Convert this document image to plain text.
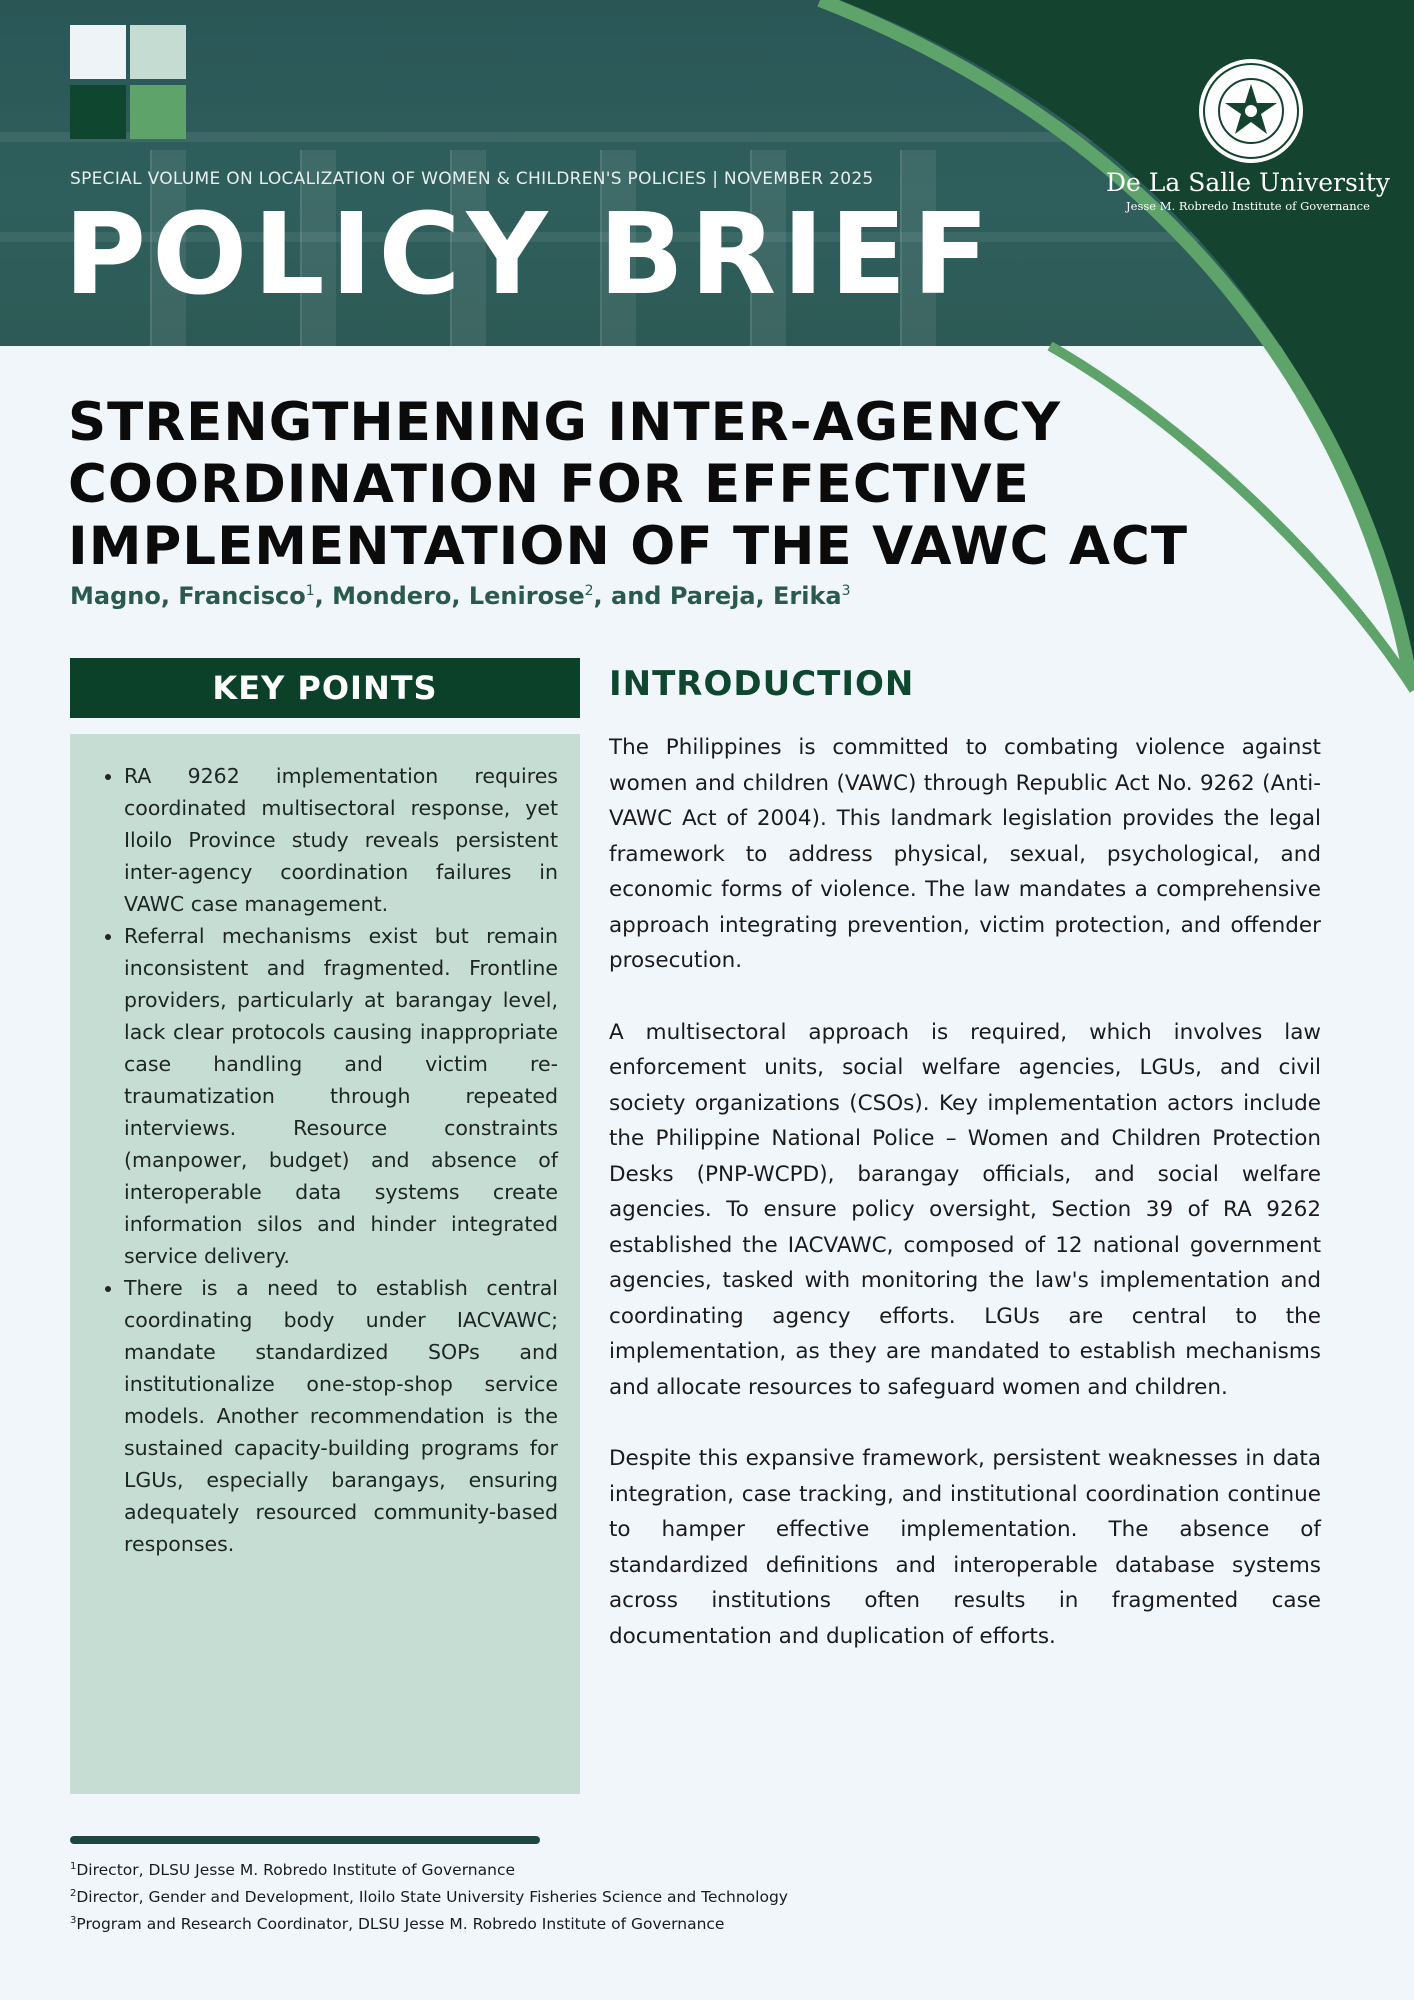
SPECIAL VOLUME ON LOCALIZATION OF WOMEN & CHILDREN'S POLICIES | NOVEMBER 2025
POLICY BRIEF
De La Salle University
Jesse M. Robredo Institute of Governance
STRENGTHENING INTER-AGENCY
COORDINATION FOR EFFECTIVE
IMPLEMENTATION OF THE VAWC ACT
Magno, Francisco$^1$, Mondero, Lenirose$^2$, and Pareja, Erika$^3$
KEY POINTS
• RA 9262 implementation requires coordinated multisectoral response, yet Iloilo Province study reveals persistent inter-agency coordination failures in VAWC case management.
• Referral mechanisms exist but remain inconsistent and fragmented. Frontline providers, particularly at barangay level, lack clear protocols causing inappropriate case handling and victim re-traumatization through repeated interviews. Resource constraints (manpower, budget) and absence of interoperable data systems create information silos and hinder integrated service delivery.
• There is a need to establish central coordinating body under IACVAWC; mandate standardized SOPs and institutionalize one-stop-shop service models. Another recommendation is the sustained capacity-building programs for LGUs, especially barangays, ensuring adequately resourced community-based responses.
INTRODUCTION

The Philippines is committed to combating violence against women and children (VAWC) through Republic Act No. 9262 (Anti-VAWC Act of 2004). This landmark legislation provides the legal framework to address physical, sexual, psychological, and economic forms of violence. The law mandates a comprehensive approach integrating prevention, victim protection, and offender prosecution.

A multisectoral approach is required, which involves law enforcement units, social welfare agencies, LGUs, and civil society organizations (CSOs). Key implementation actors include the Philippine National Police – Women and Children Protection Desks (PNP-WCPD), barangay officials, and social welfare agencies. To ensure policy oversight, Section 39 of RA 9262 established the IACVAWC, composed of 12 national government agencies, tasked with monitoring the law's implementation and coordinating agency efforts. LGUs are central to the implementation, as they are mandated to establish mechanisms and allocate resources to safeguard women and children.

Despite this expansive framework, persistent weaknesses in data integration, case tracking, and institutional coordination continue to hamper effective implementation. The absence of standardized definitions and interoperable database systems across institutions often results in fragmented case documentation and duplication of efforts.

$^1$Director, DLSU Jesse M. Robredo Institute of Governance
$^2$Director, Gender and Development, Iloilo State University Fisheries Science and Technology
$^3$Program and Research Coordinator, DLSU Jesse M. Robredo Institute of Governance
